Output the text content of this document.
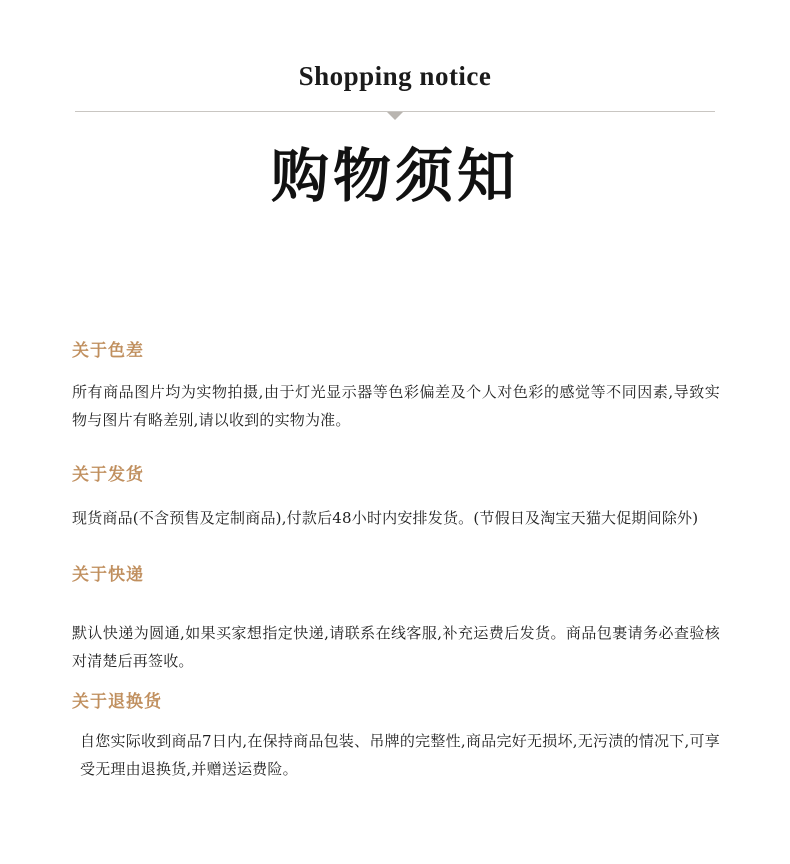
Shopping notice
购物须知
关于色差
所有商品图片均为实物拍摄,由于灯光显示器等色彩偏差及个人对色彩的感觉等不同因素,导致实物与图片有略差别,请以收到的实物为准。
关于发货
现货商品(不含预售及定制商品),付款后48小时内安排发货。(节假日及淘宝天猫大促期间除外)
关于快递
默认快递为圆通,如果买家想指定快递,请联系在线客服,补充运费后发货。商品包裹请务必查验核对清楚后再签收。
关于退换货
自您实际收到商品7日内,在保持商品包装、吊牌的完整性,商品完好无损坏,无污渍的情况下,可享受无理由退换货,并赠送运费险。
